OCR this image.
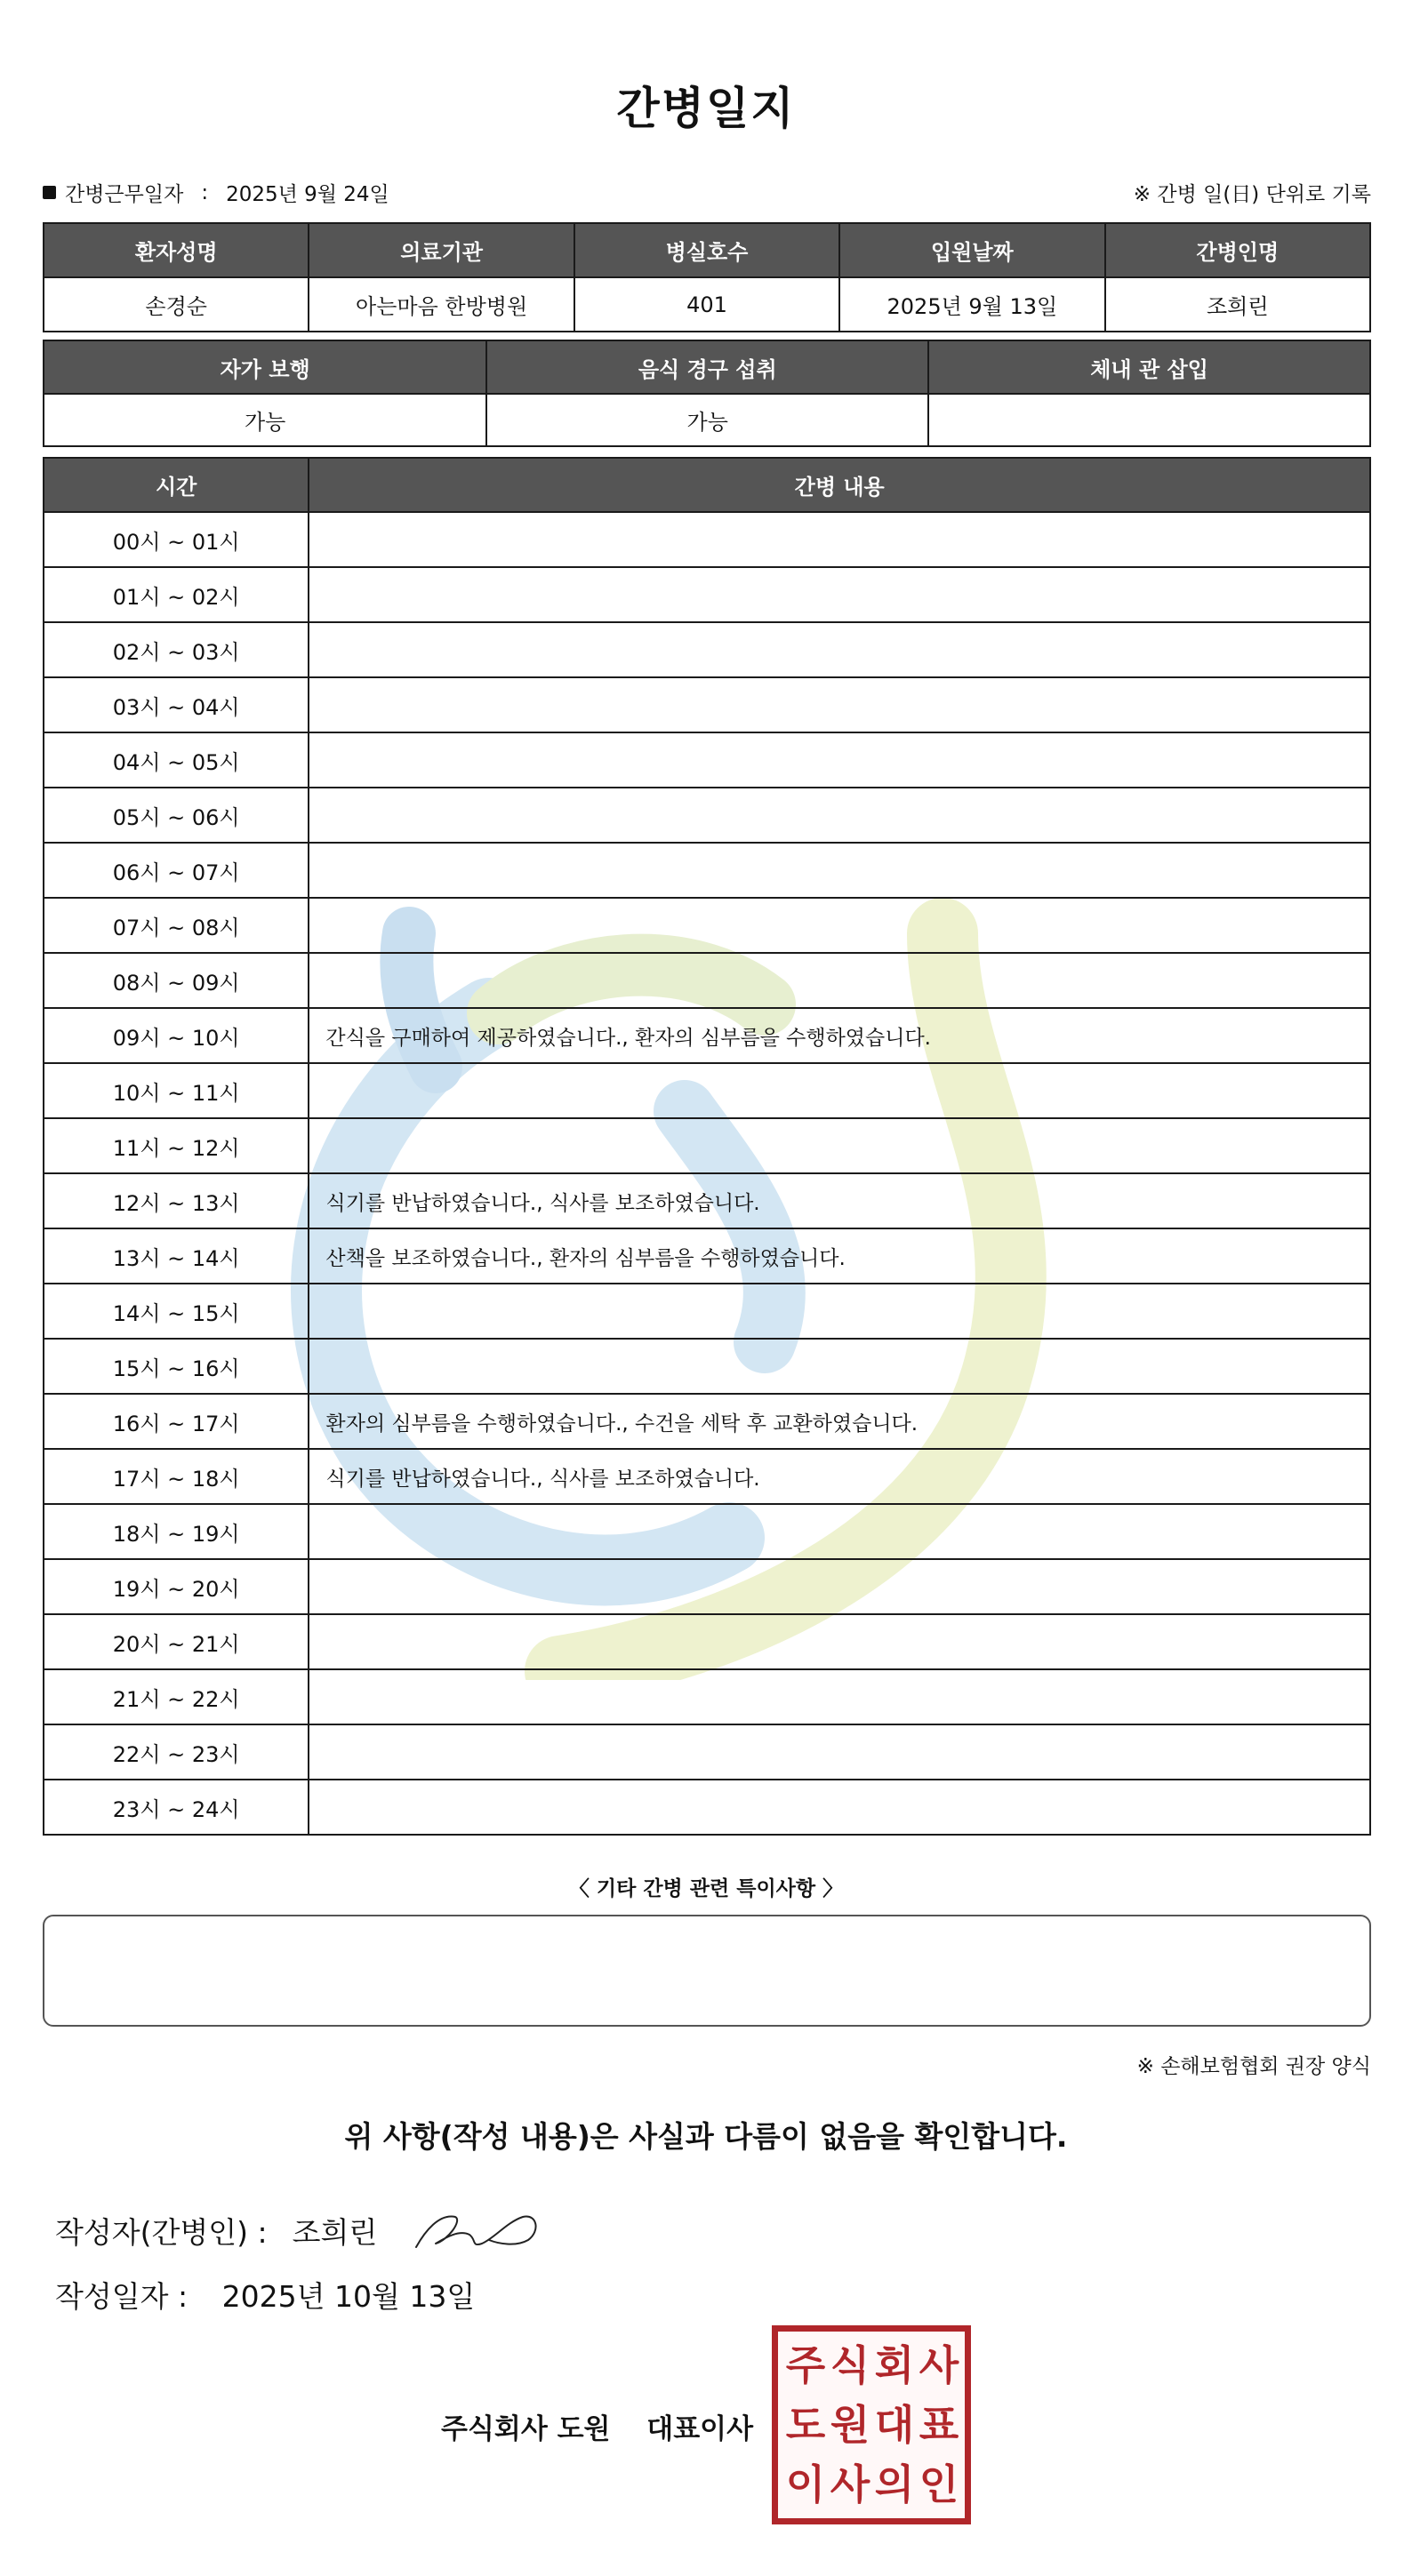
간병일지
간병근무일자 : 2025년 9월 24일	※ 간병 일(日) 단위로 기록
환자성명	의료기관	병실호수	입원날짜	간병인명
손경순	아는마음 한방병원	401	2025년 9월 13일	조희린
자가 보행	음식 경구 섭취	체내 관 삽입
가능	가능	
시간	간병 내용
00시 ~ 01시	
01시 ~ 02시	
02시 ~ 03시	
03시 ~ 04시	
04시 ~ 05시	
05시 ~ 06시	
06시 ~ 07시	
07시 ~ 08시	
08시 ~ 09시	
09시 ~ 10시	간식을 구매하여 제공하였습니다., 환자의 심부름을 수행하였습니다.
10시 ~ 11시	
11시 ~ 12시	
12시 ~ 13시	식기를 반납하였습니다., 식사를 보조하였습니다.
13시 ~ 14시	산책을 보조하였습니다., 환자의 심부름을 수행하였습니다.
14시 ~ 15시	
15시 ~ 16시	
16시 ~ 17시	환자의 심부름을 수행하였습니다., 수건을 세탁 후 교환하였습니다.
17시 ~ 18시	식기를 반납하였습니다., 식사를 보조하였습니다.
18시 ~ 19시	
19시 ~ 20시	
20시 ~ 21시	
21시 ~ 22시	
22시 ~ 23시	
23시 ~ 24시	
〈 기타 간병 관련 특이사항 〉
※ 손해보험협회 권장 양식
위 사항(작성 내용)은 사실과 다름이 없음을 확인합니다.
작성자(간병인) : 조희린
작성일자 : 2025년 10월 13일
주식회사 도원 대표이사
주 식 회 사
도 원 대 표
이 사 의 인
